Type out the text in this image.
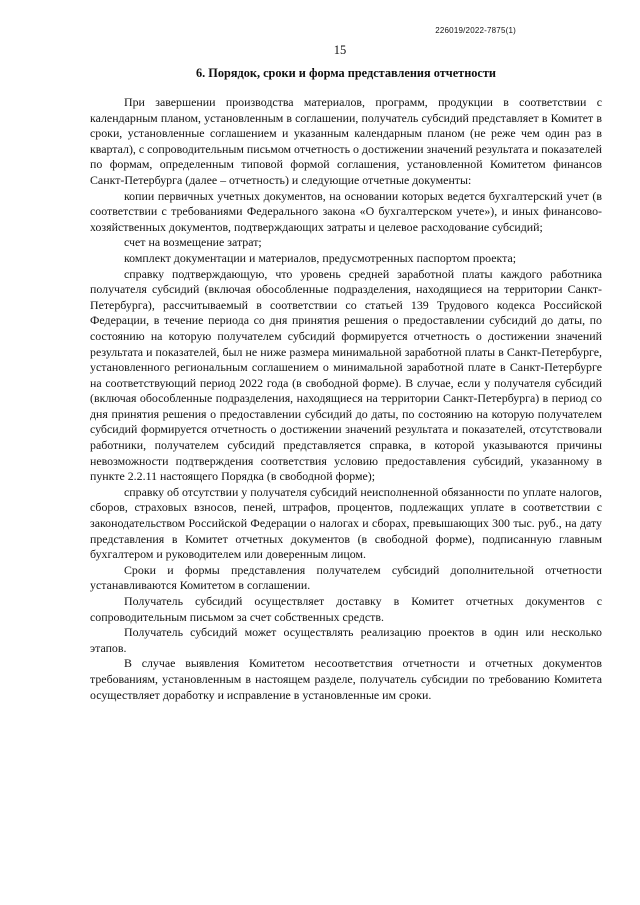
226019/2022-7875(1)
15
6. Порядок, сроки и форма представления отчетности

При завершении производства материалов, программ, продукции в соответствии с календарным планом, установленным в соглашении, получатель субсидий представляет в Комитет в сроки, установленные соглашением и указанным календарным планом (не реже чем один раз в квартал), с сопроводительным письмом отчетность о достижении значений результата и показателей по формам, определенным типовой формой соглашения, установленной Комитетом финансов Санкт-Петербурга (далее – отчетность) и следующие отчетные документы:

копии первичных учетных документов, на основании которых ведется бухгалтерский учет (в соответствии с требованиями Федерального закона «О бухгалтерском учете»), и иных финансово-хозяйственных документов, подтверждающих затраты и целевое расходование субсидий;

счет на возмещение затрат;

комплект документации и материалов, предусмотренных паспортом проекта;

справку подтверждающую, что уровень средней заработной платы каждого работника получателя субсидий (включая обособленные подразделения, находящиеся на территории Санкт-Петербурга), рассчитываемый в соответствии со статьей 139 Трудового кодекса Российской Федерации, в течение периода со дня принятия решения о предоставлении субсидий до даты, по состоянию на которую получателем субсидий формируется отчетность о достижении значений результата и показателей, был не ниже размера минимальной заработной платы в Санкт-Петербурге, установленного региональным соглашением о минимальной заработной плате в Санкт-Петербурге на соответствующий период 2022 года (в свободной форме). В случае, если у получателя субсидий (включая обособленные подразделения, находящиеся на территории Санкт-Петербурга) в период со дня принятия решения о предоставлении субсидий до даты, по состоянию на которую получателем субсидий формируется отчетность о достижении значений результата и показателей, отсутствовали работники, получателем субсидий представляется справка, в которой указываются причины невозможности подтверждения соответствия условию предоставления субсидий, указанному в пункте 2.2.11 настоящего Порядка (в свободной форме);

справку об отсутствии у получателя субсидий неисполненной обязанности по уплате налогов, сборов, страховых взносов, пеней, штрафов, процентов, подлежащих уплате в соответствии с законодательством Российской Федерации о налогах и сборах, превышающих 300 тыс. руб., на дату представления в Комитет отчетных документов (в свободной форме), подписанную главным бухгалтером и руководителем или доверенным лицом.

Сроки и формы представления получателем субсидий дополнительной отчетности устанавливаются Комитетом в соглашении.

Получатель субсидий осуществляет доставку в Комитет отчетных документов с сопроводительным письмом за счет собственных средств.

Получатель субсидий может осуществлять реализацию проектов в один или несколько этапов.

В случае выявления Комитетом несоответствия отчетности и отчетных документов требованиям, установленным в настоящем разделе, получатель субсидии по требованию Комитета осуществляет доработку и исправление в установленные им сроки.
